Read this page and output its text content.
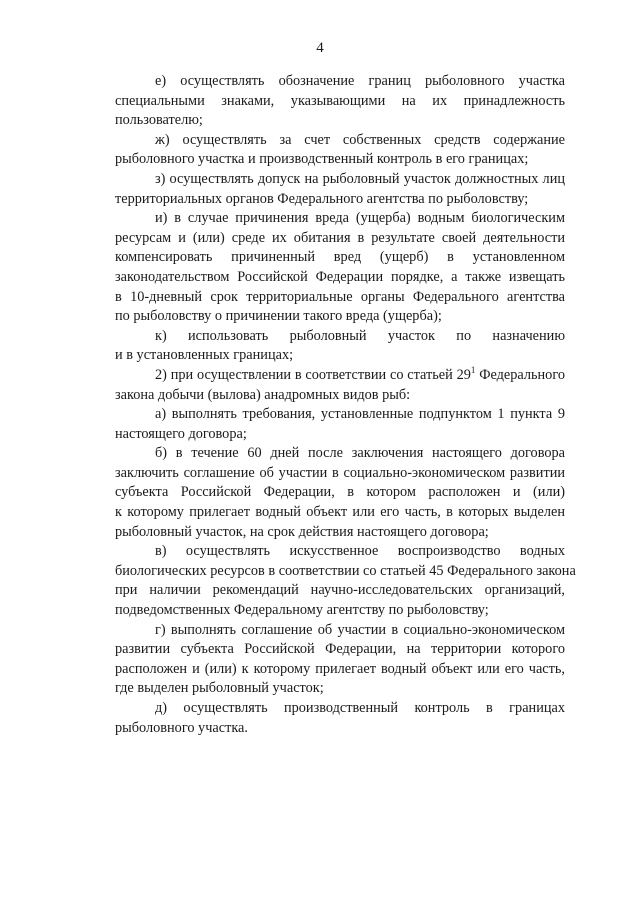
4
е) осуществлять обозначение границ рыболовного участка
специальными знаками, указывающими на их принадлежность
пользователю;
ж) осуществлять за счет собственных средств содержание
рыболовного участка и производственный контроль в его границах;
з) осуществлять допуск на рыболовный участок должностных лиц
территориальных органов Федерального агентства по рыболовству;
и) в случае причинения вреда (ущерба) водным биологическим
ресурсам и (или) среде их обитания в результате своей деятельности
компенсировать причиненный вред (ущерб) в установленном
законодательством Российской Федерации порядке, а также извещать
в 10-дневный срок территориальные органы Федерального агентства
по рыболовству о причинении такого вреда (ущерба);
к) использовать рыболовный участок по назначению
и в установленных границах;
2) при осуществлении в соответствии со статьей $29^1$ Федерального
закона добычи (вылова) анадромных видов рыб:
а) выполнять требования, установленные подпунктом 1 пункта 9
настоящего договора;
б) в течение 60 дней после заключения настоящего договора
заключить соглашение об участии в социально-экономическом развитии
субъекта Российской Федерации, в котором расположен и (или)
к которому прилегает водный объект или его часть, в которых выделен
рыболовный участок, на срок действия настоящего договора;
в) осуществлять искусственное воспроизводство водных
биологических ресурсов в соответствии со статьей 45 Федерального закона
при наличии рекомендаций научно-исследовательских организаций,
подведомственных Федеральному агентству по рыболовству;
г) выполнять соглашение об участии в социально-экономическом
развитии субъекта Российской Федерации, на территории которого
расположен и (или) к которому прилегает водный объект или его часть,
где выделен рыболовный участок;
д) осуществлять производственный контроль в границах
рыболовного участка.
